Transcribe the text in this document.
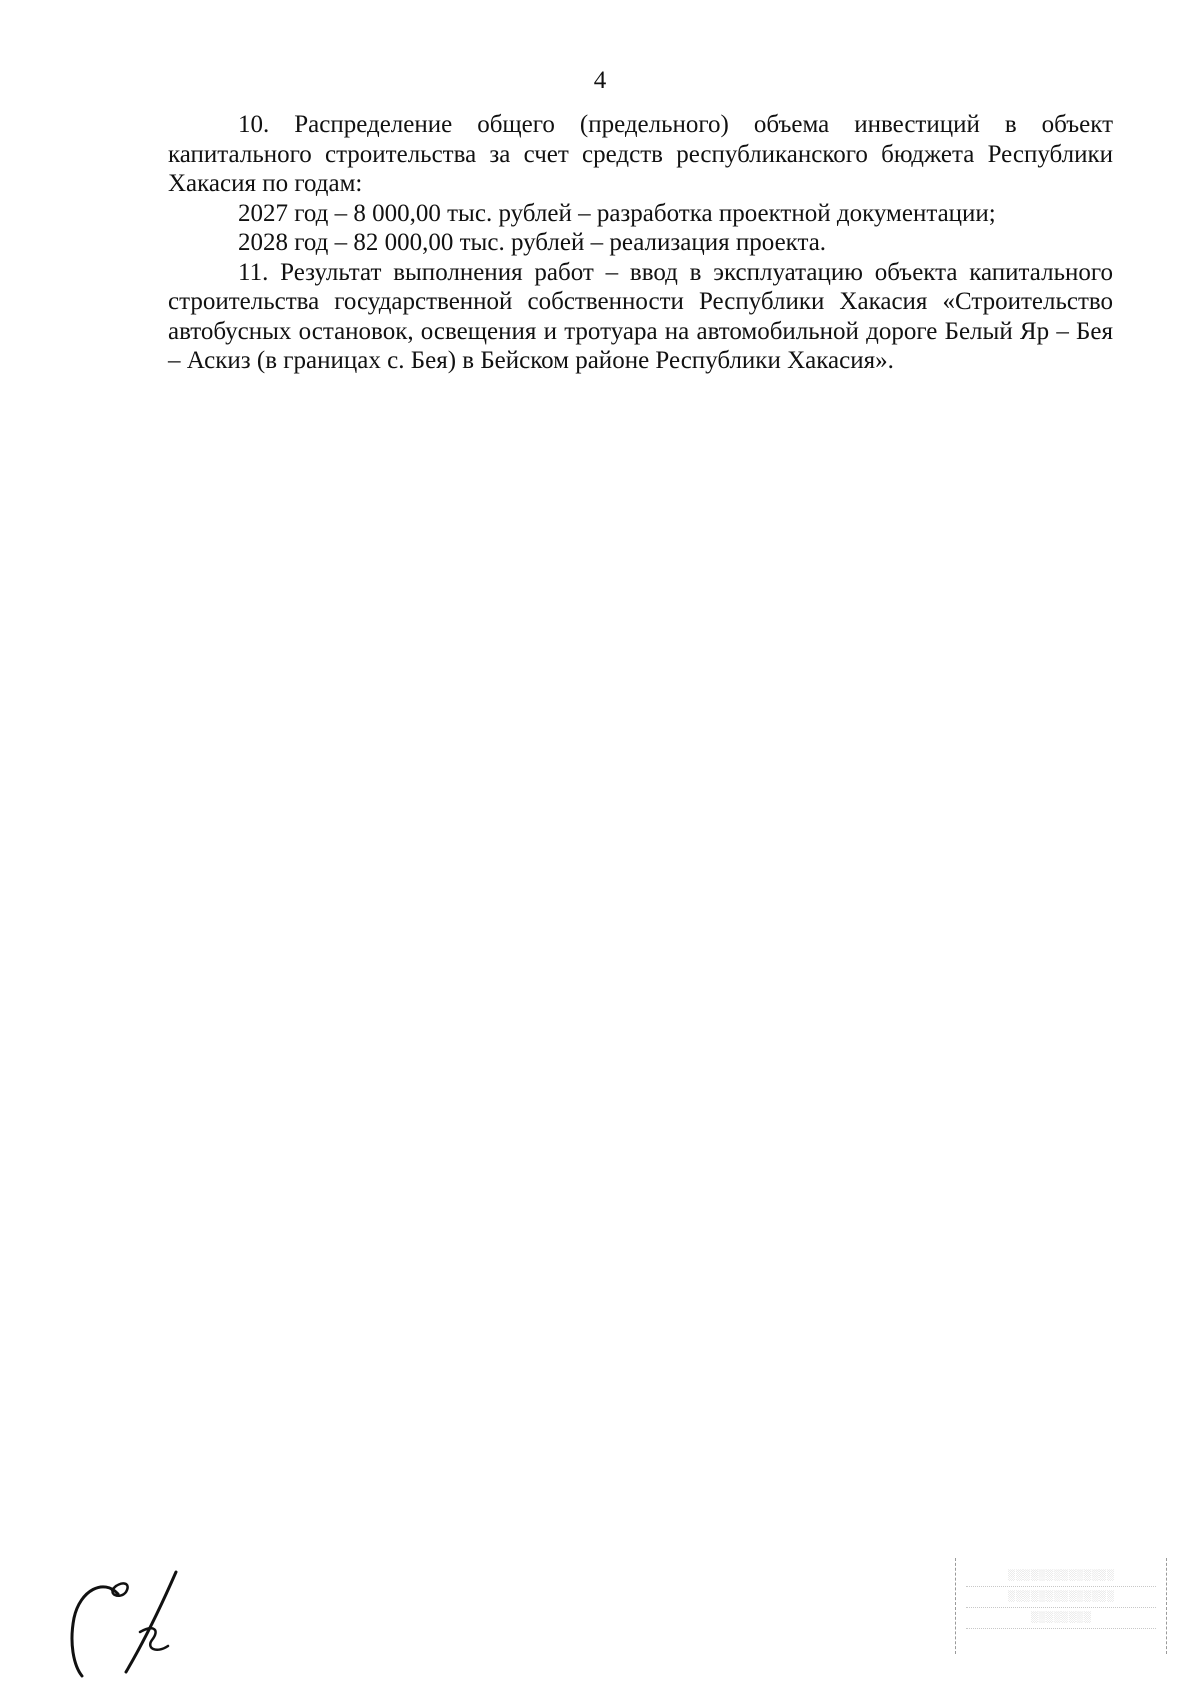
4

10. Распределение общего (предельного) объема инвестиций в объект капитального строительства за счет средств республиканского бюджета Республики Хакасия по годам:

2027 год – 8 000,00 тыс. рублей – разработка проектной документации;

2028 год – 82 000,00 тыс. рублей – реализация проекта.

11. Результат выполнения работ – ввод в эксплуатацию объекта капитального строительства государственной собственности Республики Хакасия «Строительство автобусных остановок, освещения и тротуара на автомобильной дороге Белый Яр – Бея – Аскиз (в границах с. Бея) в Бейском районе Республики Хакасия».

░░░░░░░░░░░░░░
░░░░░░░░░░░░░░
░░░░░░░░
